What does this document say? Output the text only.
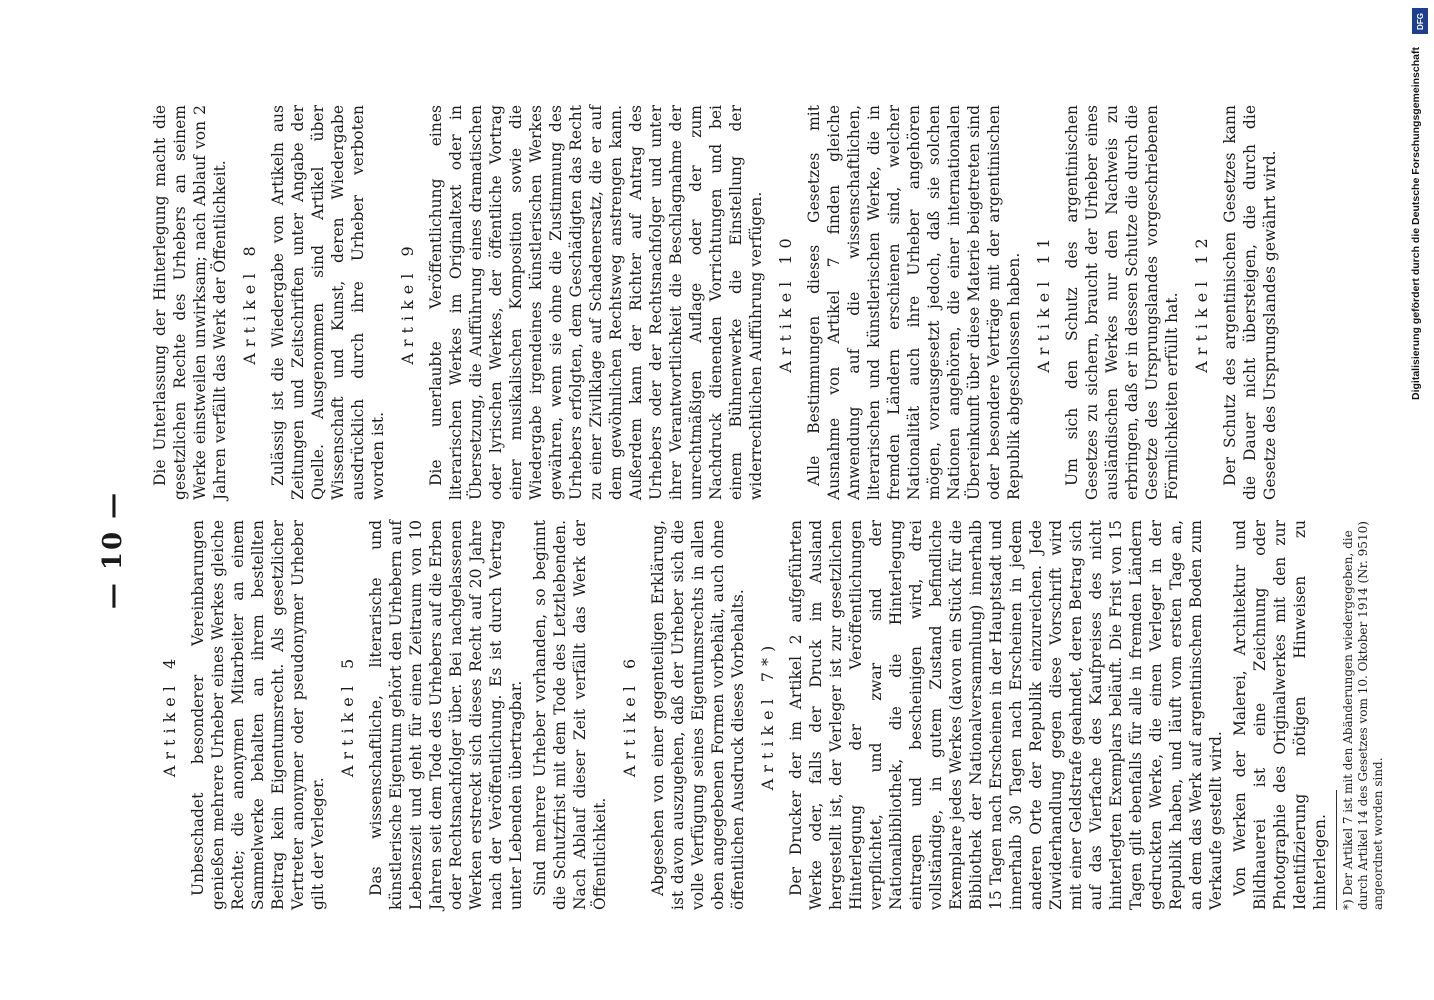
— 10 —
Artikel 4 Unbeschadet besonderer Vereinbarungen genießen mehrere Urheber eines Werkes gleiche Rechte; die anonymen Mitarbeiter an einem Sammelwerke behalten an ihrem bestellten Beitrag kein Eigentumsrecht. Als gesetzlicher Vertreter anonymer oder pseudonymer Urheber gilt der Verleger.

Artikel 5 Das wissenschaftliche, literarische und künstlerische Eigentum gehört den Urhebern auf Lebenszeit und geht für einen Zeitraum von 10 Jahren seit dem Tode des Urhebers auf die Erben oder Rechtsnachfolger über. Bei nachgelassenen Werken erstreckt sich dieses Recht auf 20 Jahre nach der Veröffentlichung. Es ist durch Vertrag unter Lebenden übertragbar. Sind mehrere Urheber vorhanden, so beginnt die Schutzfrist mit dem Tode des Letztlebenden. Nach Ablauf dieser Zeit verfällt das Werk der Öffentlichkeit.

Artikel 6 Abgesehen von einer gegenteiligen Erklärung, ist davon auszugehen, daß der Urheber sich die volle Verfügung seines Eigentumsrechts in allen oben angegebenen Formen vorbehält, auch ohne öffentlichen Ausdruck dieses Vorbehalts. Artikel 7*) Der Drucker der im Artikel 2 aufgeführten Werke oder, falls der Druck im Ausland hergestellt ist, der Verleger ist zur gesetzlichen Hinterlegung der Veröffentlichungen verpflichtet, und zwar sind der Nationalbibliothek, die die Hinterlegung eintragen und bescheinigen wird, drei vollständige, in gutem Zustand befindliche Exemplare jedes Werkes (davon ein Stück für die Bibliothek der Nationalversammlung) innerhalb 15 Tagen nach Erscheinen in der Hauptstadt und innerhalb 30 Tagen nach Erscheinen in jedem anderen Orte der Republik einzureichen. Jede Zuwiderhandlung gegen diese Vorschrift wird mit einer Geldstrafe geahndet, deren Betrag sich auf das Vierfache des Kaufpreises des nicht hinterlegten Exemplars beläuft. Die Frist von 15 Tagen gilt ebenfalls für alle in fremden Ländern gedruckten Werke, die einen Verleger in der Republik haben, und läuft vom ersten Tage an, an dem das Werk auf argentinischem Boden zum Verkaufe gestellt wird. Von Werken der Malerei, Architektur und Bildhauerei ist eine Zeichnung oder Photographie des Originalwerkes mit den zur Identifizierung nötigen Hinweisen zu hinterlegen. *) Der Artikel 7 ist mit den Abänderungen wiedergegeben, die durch Artikel 14 des Gesetzes vom 10. Oktober 1914 (Nr. 9510) angeordnet worden sind.

Die Unterlassung der Hinterlegung macht die gesetzlichen Rechte des Urhebers an seinem Werke einstweilen unwirksam; nach Ablauf von 2 Jahren verfällt das Werk der Öffentlichkeit. Artikel 8 Zulässig ist die Wiedergabe von Artikeln aus Zeitungen und Zeitschriften unter Angabe der Quelle. Ausgenommen sind Artikel über Wissenschaft und Kunst, deren Wiedergabe ausdrücklich durch ihre Urheber verboten worden ist.

Artikel 9 Die unerlaubte Veröffentlichung eines literarischen Werkes im Originaltext oder in Übersetzung, die Aufführung eines dramatischen oder lyrischen Werkes, der öffentliche Vortrag einer musikalischen Komposition sowie die Wiedergabe irgendeines künstlerischen Werkes gewähren, wenn sie ohne die Zustimmung des Urhebers erfolgten, dem Geschädigten das Recht zu einer Zivilklage auf Schadenersatz, die er auf dem gewöhnlichen Rechtsweg anstrengen kann. Außerdem kann der Richter auf Antrag des Urhebers oder der Rechtsnachfolger und unter ihrer Verantwortlichkeit die Beschlagnahme der unrechtmäßigen Auflage oder der zum Nachdruck dienenden Vorrichtungen und bei einem Bühnenwerke die Einstellung der widerrechtlichen Aufführung verfügen. Artikel 10 Alle Bestimmungen dieses Gesetzes mit Ausnahme von Artikel 7 finden gleiche Anwendung auf die wissenschaftlichen, literarischen und künstlerischen Werke, die in fremden Ländern erschienen sind, welcher Nationalität auch ihre Urheber angehören mögen, vorausgesetzt jedoch, daß sie solchen Nationen angehören, die einer internationalen Übereinkunft über diese Materie beigetreten sind oder besondere Verträge mit der argentinischen Republik abgeschlossen haben. Artikel 11 Um sich den Schutz des argentinischen Gesetzes zu sichern, braucht der Urheber eines ausländischen Werkes nur den Nachweis zu erbringen, daß er in dessen Schutze die durch die Gesetze des Ursprungslandes vorgeschriebenen Förmlichkeiten erfüllt hat. Artikel 12 Der Schutz des argentinischen Gesetzes kann die Dauer nicht übersteigen, die durch die Gesetze des Ursprungslandes gewährt wird.

DFG
Digitalisierung gefördert durch die Deutsche Forschungsgemeinschaft
